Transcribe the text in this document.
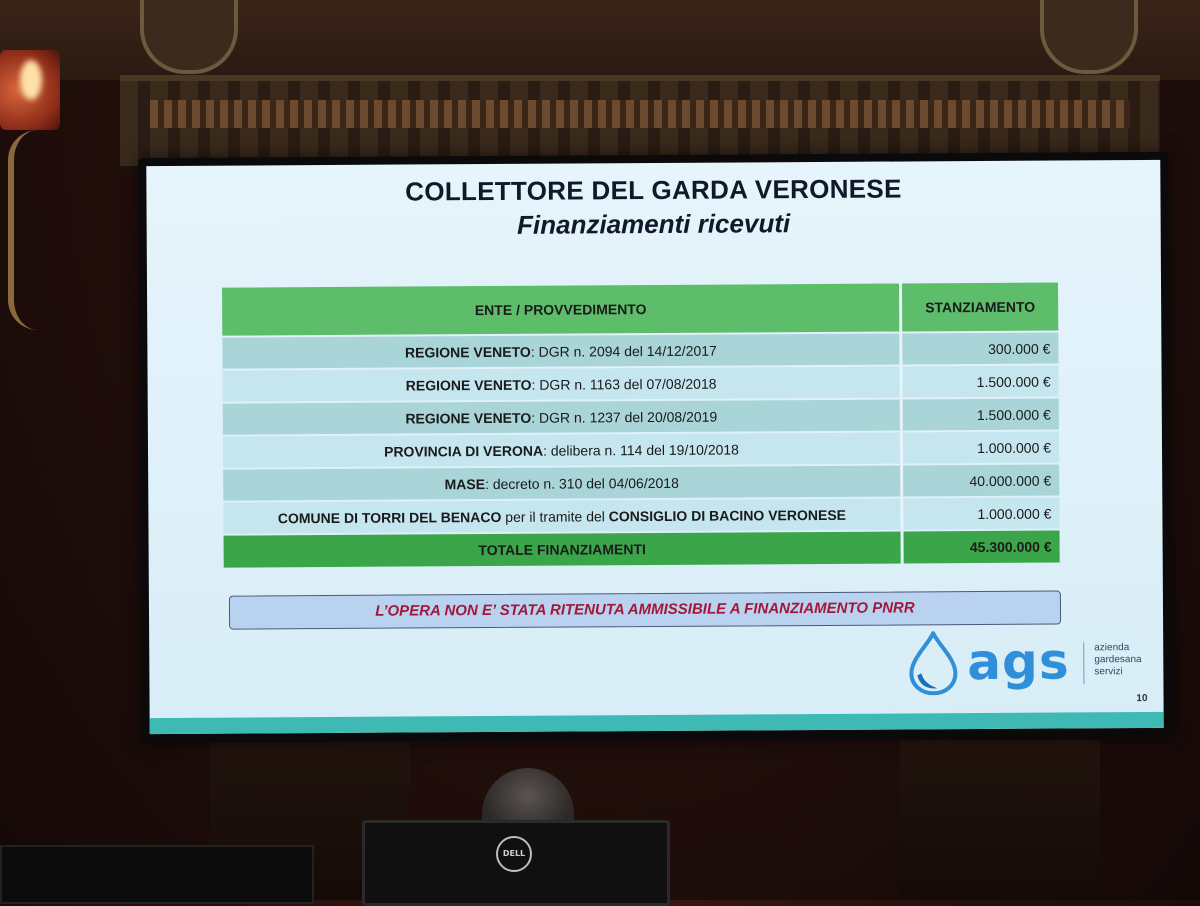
COLLETTORE DEL GARDA VERONESE
Finanziamenti ricevuti
ENTE / PROVVEDIMENTO	STANZIAMENTO
REGIONE VENETO: DGR n. 2094 del 14/12/2017	300.000 €
REGIONE VENETO: DGR n. 1163 del 07/08/2018	1.500.000 €
REGIONE VENETO: DGR n. 1237 del 20/08/2019	1.500.000 €
PROVINCIA DI VERONA: delibera n. 114 del 19/10/2018	1.000.000 €
MASE: decreto n. 310 del 04/06/2018	40.000.000 €
COMUNE DI TORRI DEL BENACO per il tramite del CONSIGLIO DI BACINO VERONESE	1.000.000 €
TOTALE FINANZIAMENTI	45.300.000 €
L’OPERA NON E’ STATA RITENUTA AMMISSIBILE A FINANZIAMENTO PNRR
ags azienda
gardesana
servizi
10
DELL
